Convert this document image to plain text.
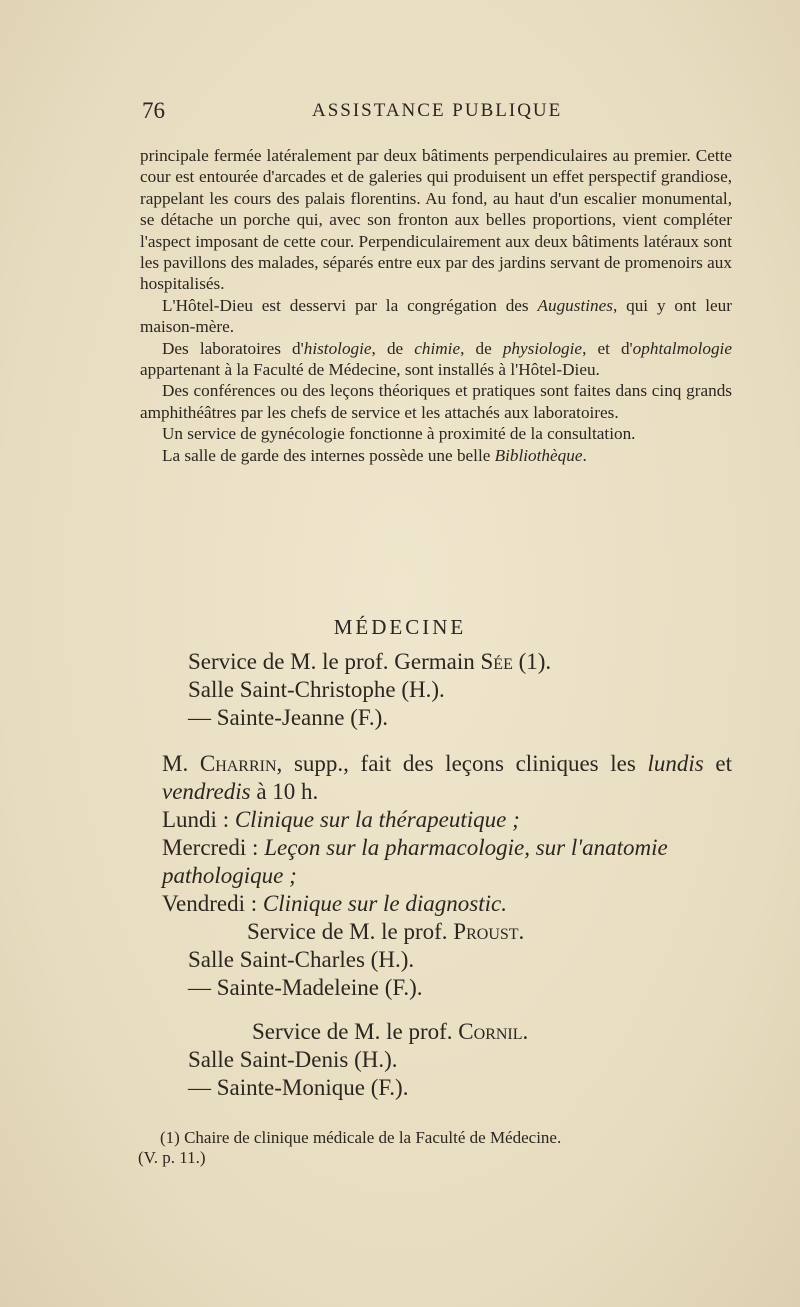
76	ASSISTANCE PUBLIQUE

principale fermée latéralement par deux bâtiments perpendiculaires au premier. Cette cour est entourée d'arcades et de galeries qui produisent un effet perspectif grandiose, rappelant les cours des palais florentins. Au fond, au haut d'un escalier monumental, se détache un porche qui, avec son fronton aux belles proportions, vient compléter l'aspect imposant de cette cour. Perpendiculairement aux deux bâtiments latéraux sont les pavillons des malades, séparés entre eux par des jardins servant de promenoirs aux hospitalisés.

L'Hôtel-Dieu est desservi par la congrégation des Augustines, qui y ont leur maison-mère.

Des laboratoires d'histologie, de chimie, de physiologie, et d'ophtalmologie appartenant à la Faculté de Médecine, sont installés à l'Hôtel-Dieu.

Des conférences ou des leçons théoriques et pratiques sont faites dans cinq grands amphithéâtres par les chefs de service et les attachés aux laboratoires.

Un service de gynécologie fonctionne à proximité de la consultation.

La salle de garde des internes possède une belle Bibliothèque.

MÉDECINE

Service de M. le prof. Germain Sée (1).

Salle Saint-Christophe (H.).

— Sainte-Jeanne (F.).

M. Charrin, supp., fait des leçons cliniques les lundis et vendredis à 10 h.

Lundi : Clinique sur la thérapeutique ;

Mercredi : Leçon sur la pharmacologie, sur l'anatomie pathologique ;

Vendredi : Clinique sur le diagnostic.

Service de M. le prof. Proust.

Salle Saint-Charles (H.).

— Sainte-Madeleine (F.).

Service de M. le prof. Cornil.

Salle Saint-Denis (H.).

— Sainte-Monique (F.).

(1) Chaire de clinique médicale de la Faculté de Médecine.

(V. p. 11.)
